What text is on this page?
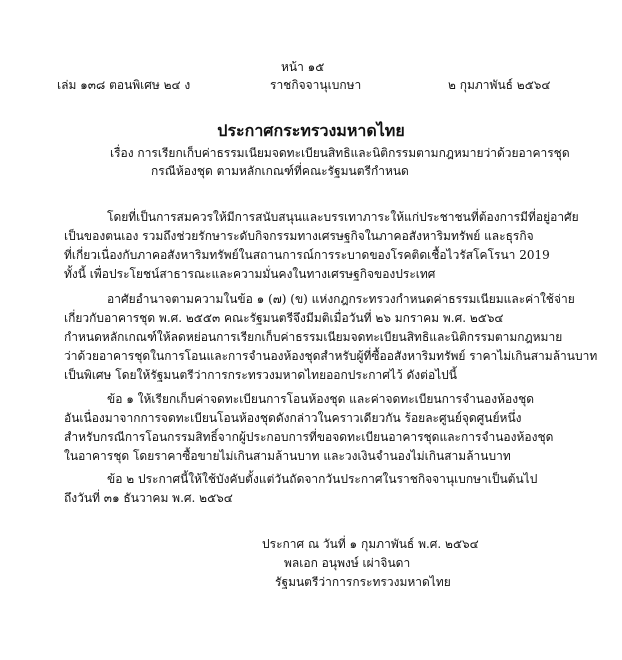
หน้า ๑๕
เล่ม ๑๓๘ ตอนพิเศษ ๒๔ ง	ราชกิจจานุเบกษา	๒ กุมภาพันธ์ ๒๕๖๔
ประกาศกระทรวงมหาดไทย
เรื่อง การเรียกเก็บค่าธรรมเนียมจดทะเบียนสิทธิและนิติกรรมตามกฎหมายว่าด้วยอาคารชุด
กรณีห้องชุด ตามหลักเกณฑ์ที่คณะรัฐมนตรีกำหนด
โดยที่เป็นการสมควรให้มีการสนับสนุนและบรรเทาภาระให้แก่ประชาชนที่ต้องการมีที่อยู่อาศัย
เป็นของตนเอง รวมถึงช่วยรักษาระดับกิจกรรมทางเศรษฐกิจในภาคอสังหาริมทรัพย์ และธุรกิจ
ที่เกี่ยวเนื่องกับภาคอสังหาริมทรัพย์ในสถานการณ์การระบาดของโรคติดเชื้อไวรัสโคโรนา 2019
ทั้งนี้ เพื่อประโยชน์สาธารณะและความมั่นคงในทางเศรษฐกิจของประเทศ
อาศัยอำนาจตามความในข้อ ๑ (๗) (ข) แห่งกฎกระทรวงกำหนดค่าธรรมเนียมและค่าใช้จ่าย
เกี่ยวกับอาคารชุด พ.ศ. ๒๕๕๓ คณะรัฐมนตรีจึงมีมติเมื่อวันที่ ๒๖ มกราคม พ.ศ. ๒๕๖๔
กำหนดหลักเกณฑ์ให้ลดหย่อนการเรียกเก็บค่าธรรมเนียมจดทะเบียนสิทธิและนิติกรรมตามกฎหมาย
ว่าด้วยอาคารชุดในการโอนและการจำนองห้องชุดสำหรับผู้ที่ซื้ออสังหาริมทรัพย์ ราคาไม่เกินสามล้านบาท
เป็นพิเศษ โดยให้รัฐมนตรีว่าการกระทรวงมหาดไทยออกประกาศไว้ ดังต่อไปนี้
ข้อ ๑ ให้เรียกเก็บค่าจดทะเบียนการโอนห้องชุด และค่าจดทะเบียนการจำนองห้องชุด
อันเนื่องมาจากการจดทะเบียนโอนห้องชุดดังกล่าวในคราวเดียวกัน ร้อยละศูนย์จุดศูนย์หนึ่ง
สำหรับกรณีการโอนกรรมสิทธิ์จากผู้ประกอบการที่ขอจดทะเบียนอาคารชุดและการจำนองห้องชุด
ในอาคารชุด โดยราคาซื้อขายไม่เกินสามล้านบาท และวงเงินจำนองไม่เกินสามล้านบาท
ข้อ ๒ ประกาศนี้ให้ใช้บังคับตั้งแต่วันถัดจากวันประกาศในราชกิจจานุเบกษาเป็นต้นไป
ถึงวันที่ ๓๑ ธันวาคม พ.ศ. ๒๕๖๔
ประกาศ ณ วันที่ ๑ กุมภาพันธ์ พ.ศ. ๒๕๖๔
พลเอก อนุพงษ์ เผ่าจินดา
รัฐมนตรีว่าการกระทรวงมหาดไทย
